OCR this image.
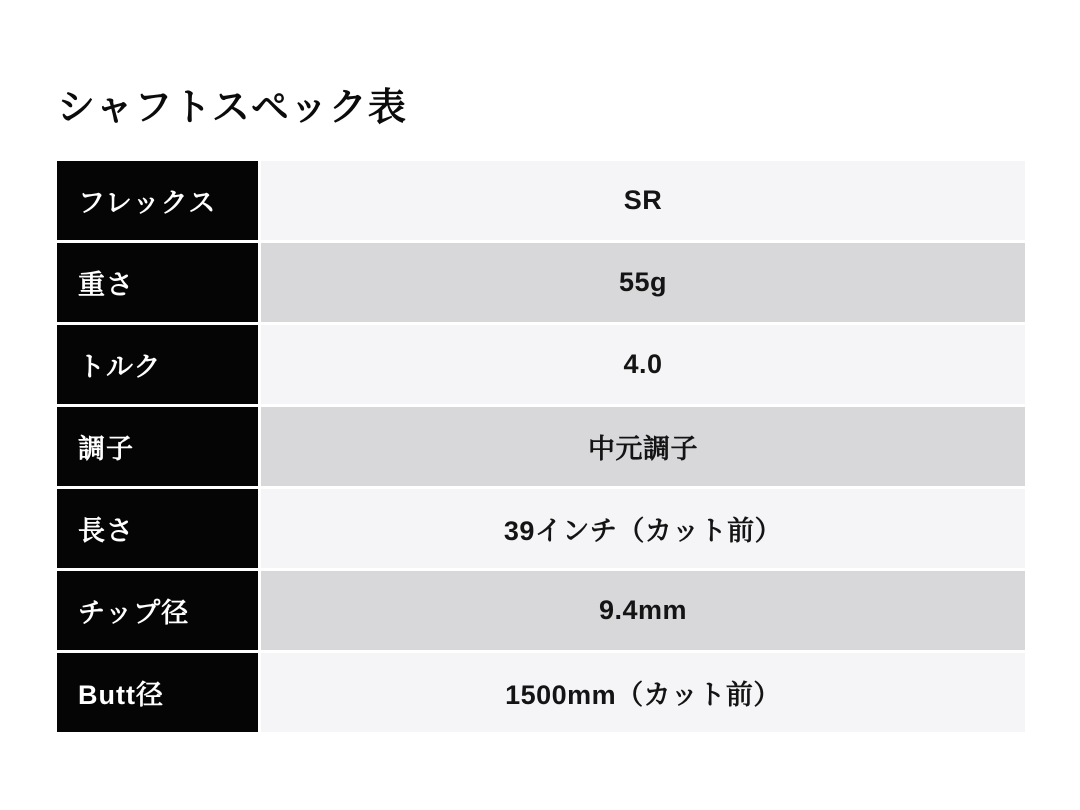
シャフトスペック表
フレックス	SR
重さ	55g
トルク	4.0
調子	中元調子
長さ	39インチ（カット前）
チップ径	9.4mm
Butt径	1500mm（カット前）
